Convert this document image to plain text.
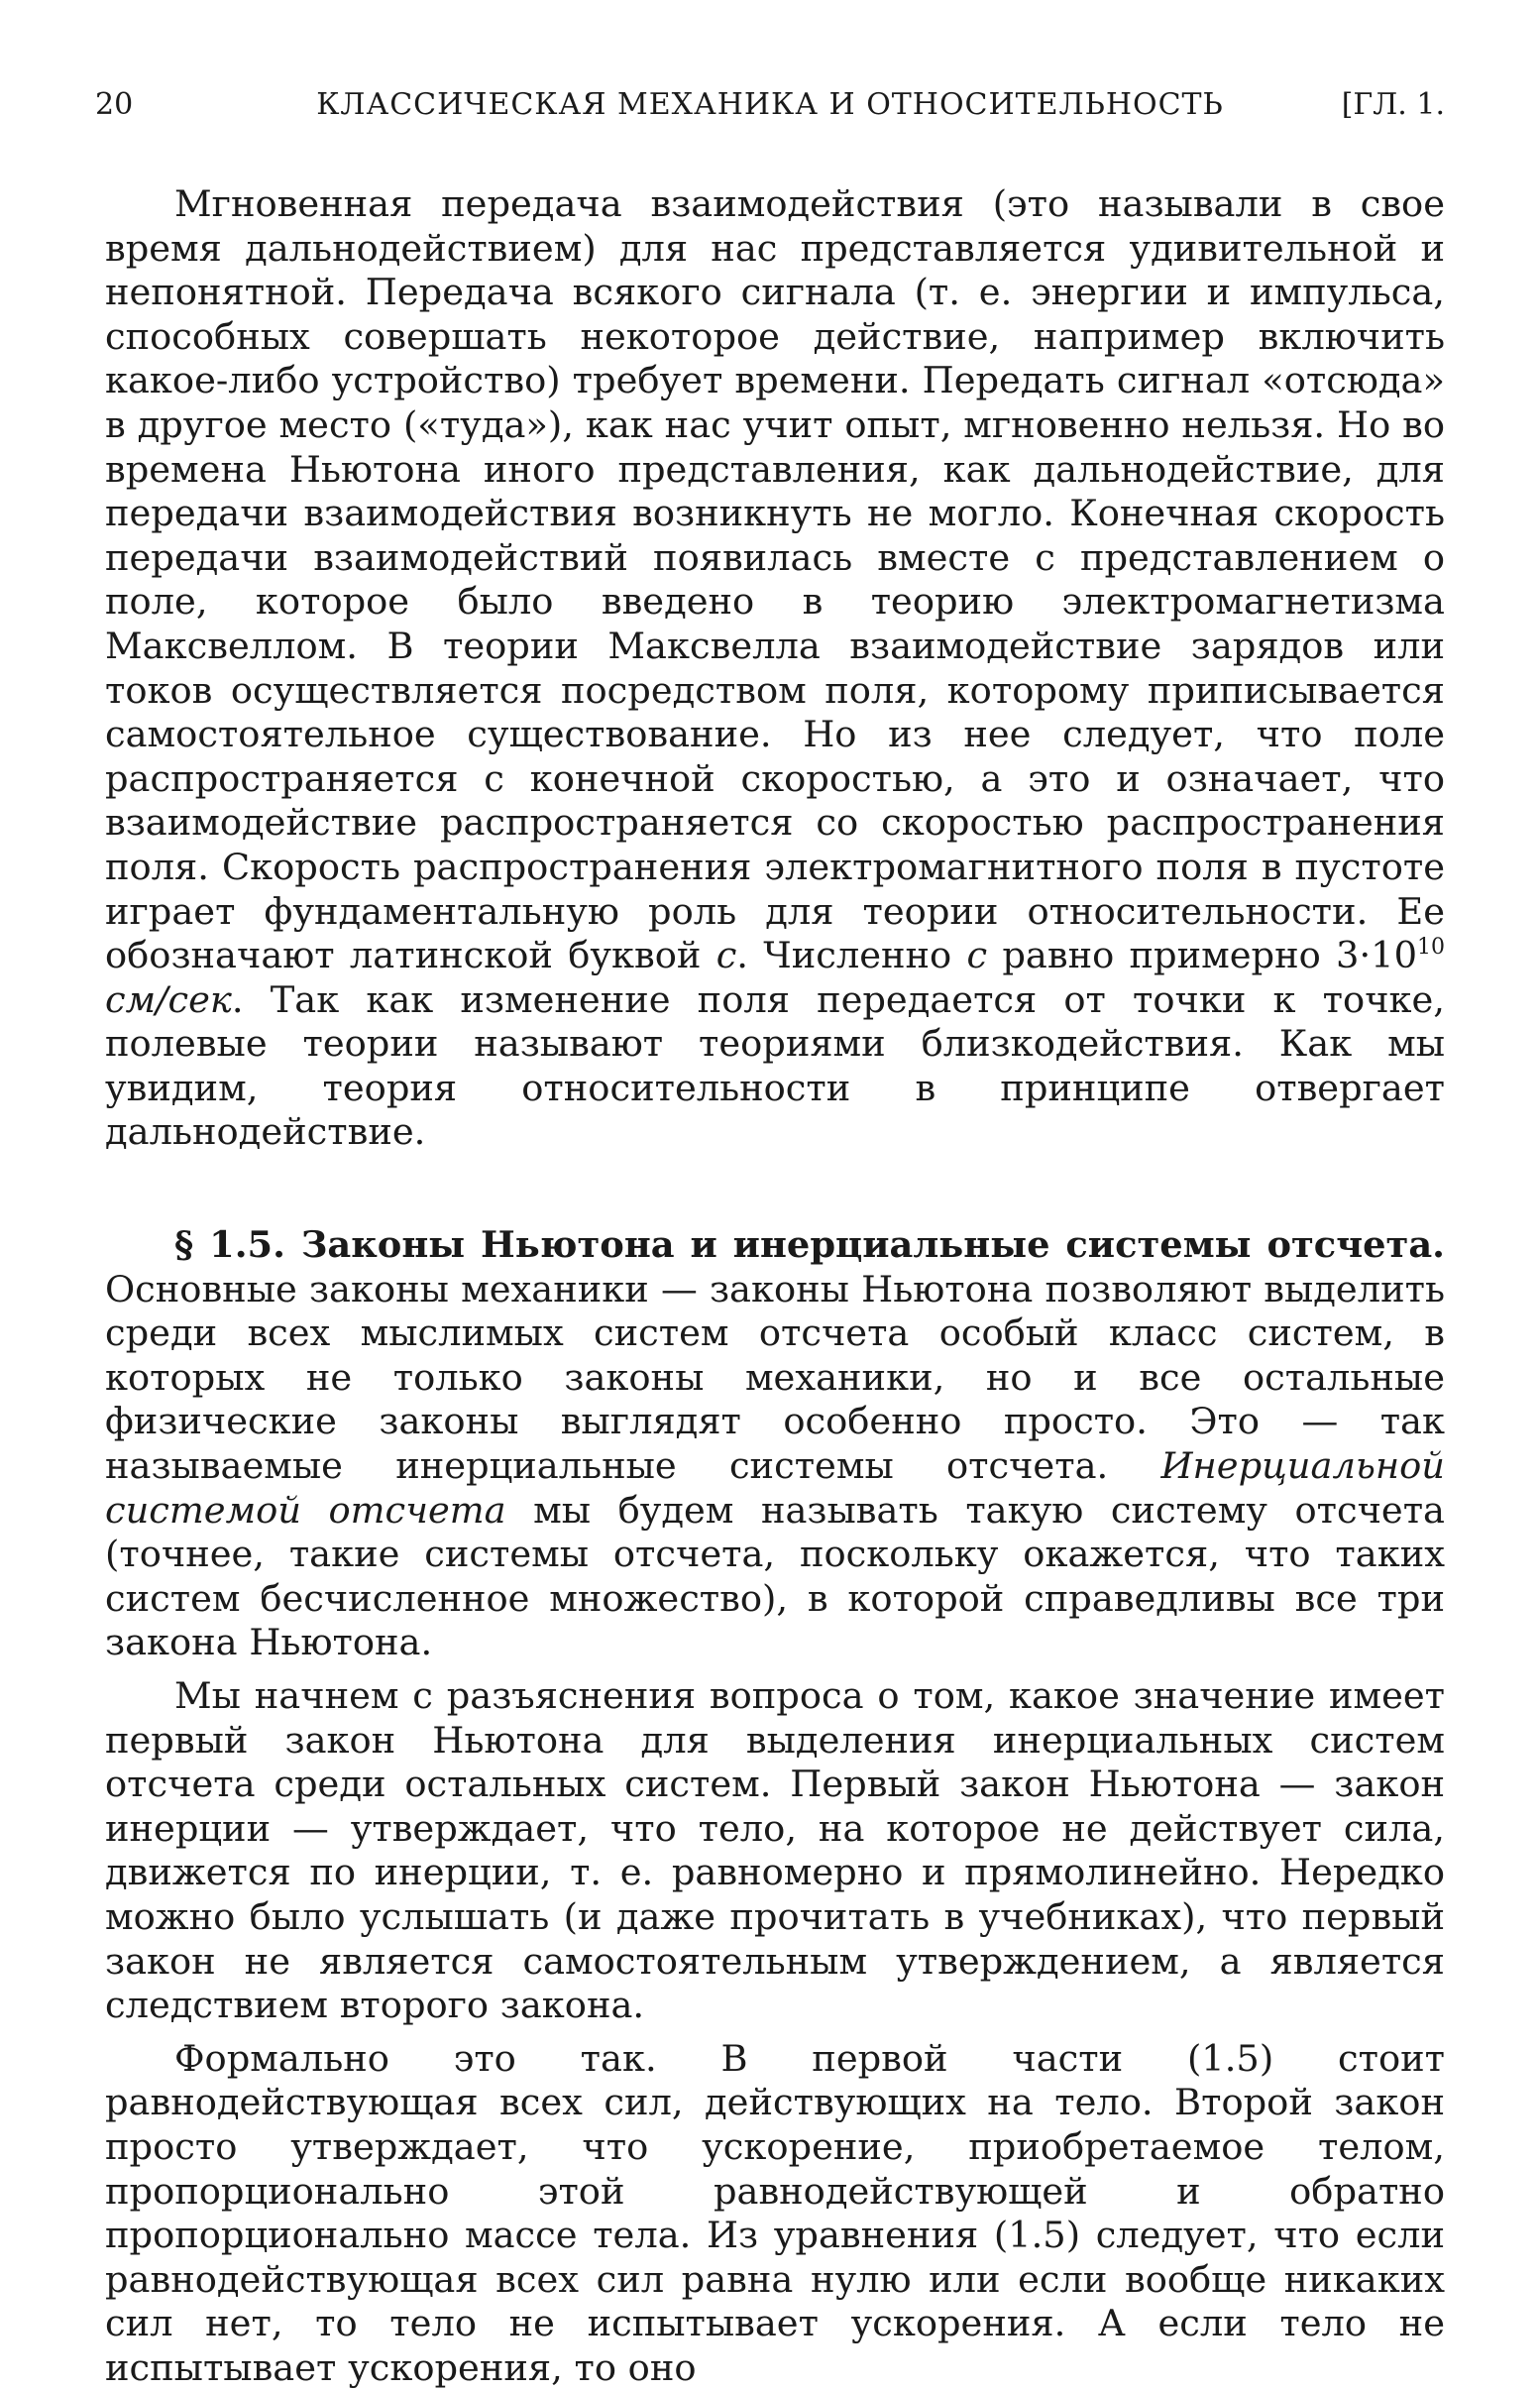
20	КЛАССИЧЕСКАЯ МЕХАНИКА И ОТНОСИТЕЛЬНОСТЬ	[ГЛ. 1.

Мгновенная передача взаимодействия (это называли в свое время дальнодействием) для нас представляется удивительной и непонятной. Передача всякого сигнала (т. е. энергии и импульса, способных совершать некоторое действие, например включить какое-либо устройство) требует времени. Передать сигнал «отсюда» в другое место («туда»), как нас учит опыт, мгновенно нельзя. Но во времена Ньютона иного представления, как дальнодействие, для передачи взаимодействия возникнуть не могло. Конечная скорость передачи взаимодействий появилась вместе с представлением о поле, которое было введено в теорию электромагнетизма Максвеллом. В теории Максвелла взаимодействие зарядов или токов осуществляется посредством поля, которому приписывается самостоятельное существование. Но из нее следует, что поле распространяется с конечной скоростью, а это и означает, что взаимодействие распространяется со скоростью распространения поля. Скорость распространения электромагнитного поля в пустоте играет фундаментальную роль для теории относительности. Ее обозначают латинской буквой c. Численно c равно примерно $3\cdot 10^{10}$ см/сек. Так как изменение поля передается от точки к точке, полевые теории называют теориями близкодействия. Как мы увидим, теория относительности в принципе отвергает дальнодействие.

§ 1.5. Законы Ньютона и инерциальные системы отсчета. Основные законы механики — законы Ньютона позволяют выделить среди всех мыслимых систем отсчета особый класс систем, в которых не только законы механики, но и все остальные физические законы выглядят особенно просто. Это — так называемые инерциальные системы отсчета. Инерциальной системой отсчета мы будем называть такую систему отсчета (точнее, такие системы отсчета, поскольку окажется, что таких систем бесчисленное множество), в которой справедливы все три закона Ньютона.

Мы начнем с разъяснения вопроса о том, какое значение имеет первый закон Ньютона для выделения инерциальных систем отсчета среди остальных систем. Первый закон Ньютона — закон инерции — утверждает, что тело, на которое не действует сила, движется по инерции, т. е. равномерно и прямолинейно. Нередко можно было услышать (и даже прочитать в учебниках), что первый закон не является самостоятельным утверждением, а является следствием второго закона.

Формально это так. В первой части (1.5) стоит равнодействующая всех сил, действующих на тело. Второй закон просто утверждает, что ускорение, приобретаемое телом, пропорционально этой равнодействующей и обратно пропорционально массе тела. Из уравнения (1.5) следует, что если равнодействующая всех сил равна нулю или если вообще никаких сил нет, то тело не испытывает ускорения. А если тело не испытывает ускорения, то оно
